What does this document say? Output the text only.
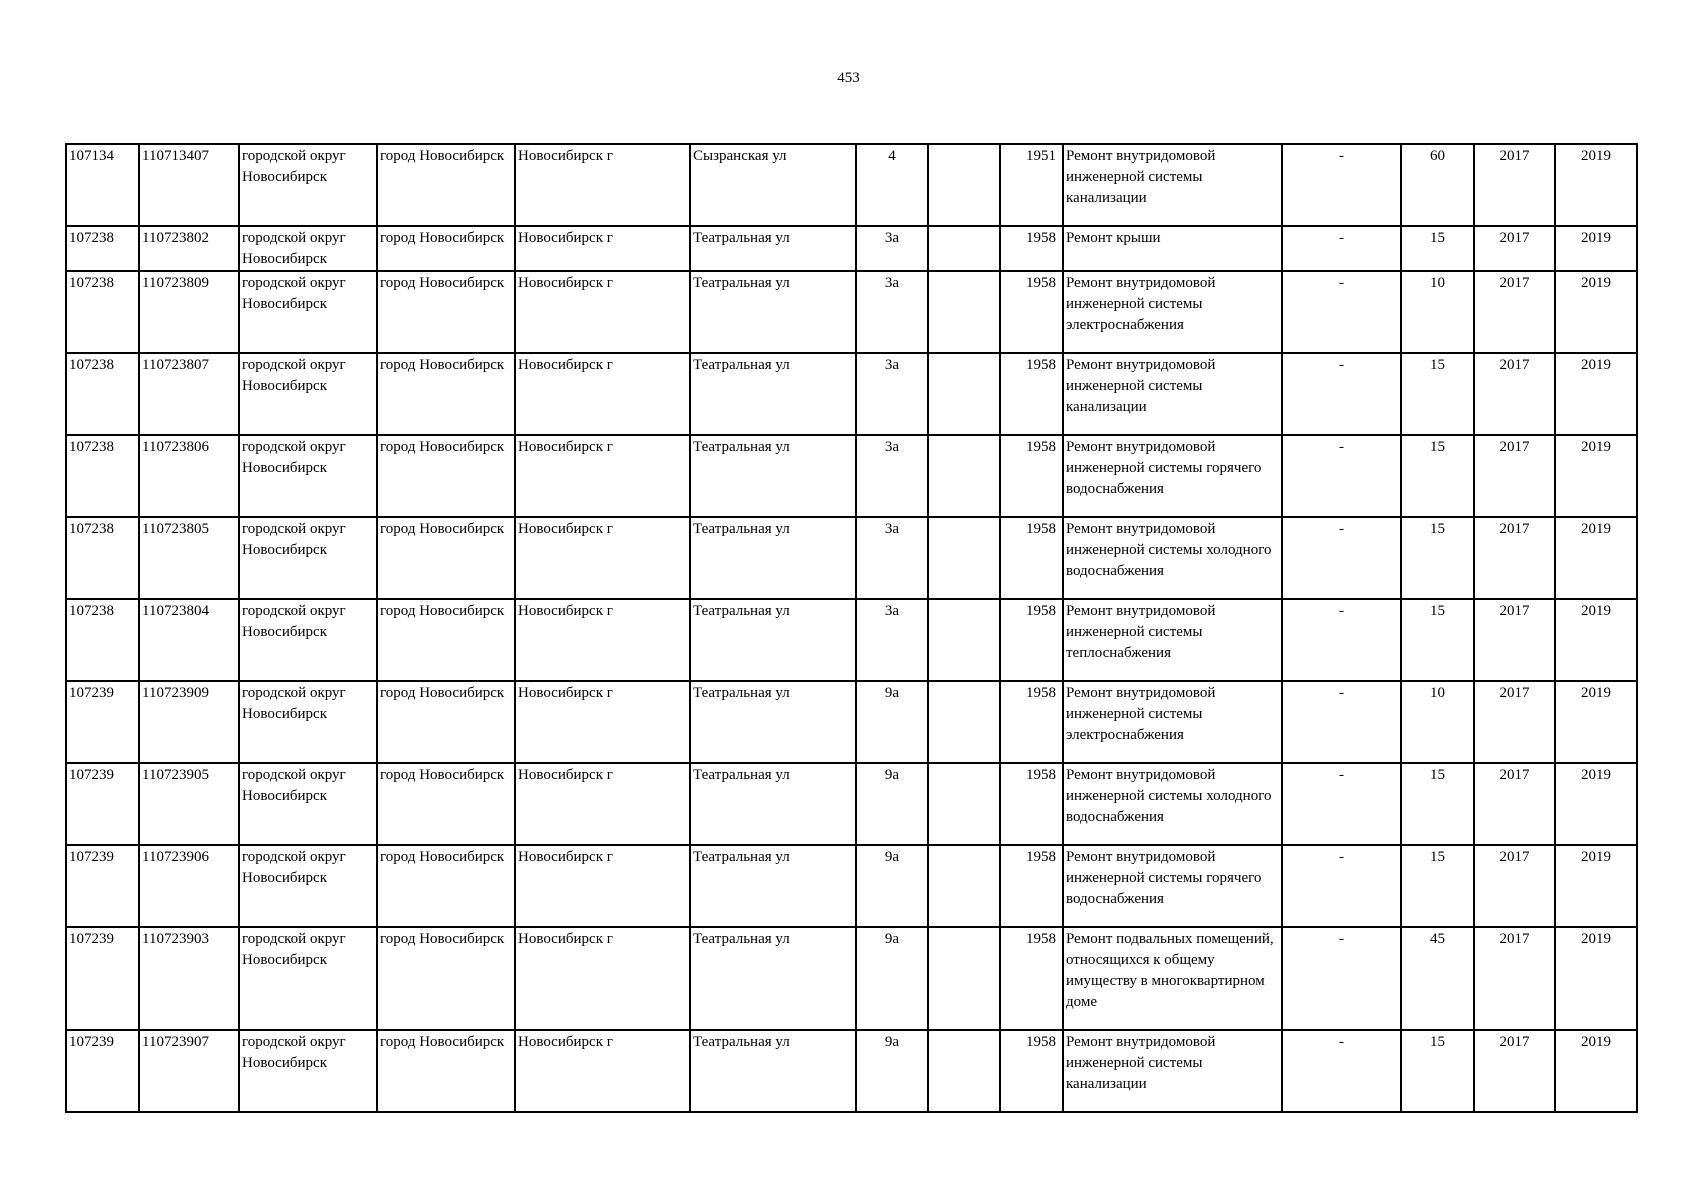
453
107134	110713407	городской округ Новосибирск	город Новосибирск	Новосибирск г	Сызранская ул	4		1951	Ремонт внутридомовой инженерной системы канализации	-	60	2017	2019
107238	110723802	городской округ Новосибирск	город Новосибирск	Новосибирск г	Театральная ул	3а		1958	Ремонт крыши	-	15	2017	2019
107238	110723809	городской округ Новосибирск	город Новосибирск	Новосибирск г	Театральная ул	3а		1958	Ремонт внутридомовой инженерной системы электроснабжения	-	10	2017	2019
107238	110723807	городской округ Новосибирск	город Новосибирск	Новосибирск г	Театральная ул	3а		1958	Ремонт внутридомовой инженерной системы канализации	-	15	2017	2019
107238	110723806	городской округ Новосибирск	город Новосибирск	Новосибирск г	Театральная ул	3а		1958	Ремонт внутридомовой инженерной системы горячего водоснабжения	-	15	2017	2019
107238	110723805	городской округ Новосибирск	город Новосибирск	Новосибирск г	Театральная ул	3а		1958	Ремонт внутридомовой инженерной системы холодного водоснабжения	-	15	2017	2019
107238	110723804	городской округ Новосибирск	город Новосибирск	Новосибирск г	Театральная ул	3а		1958	Ремонт внутридомовой инженерной системы теплоснабжения	-	15	2017	2019
107239	110723909	городской округ Новосибирск	город Новосибирск	Новосибирск г	Театральная ул	9а		1958	Ремонт внутридомовой инженерной системы электроснабжения	-	10	2017	2019
107239	110723905	городской округ Новосибирск	город Новосибирск	Новосибирск г	Театральная ул	9а		1958	Ремонт внутридомовой инженерной системы холодного водоснабжения	-	15	2017	2019
107239	110723906	городской округ Новосибирск	город Новосибирск	Новосибирск г	Театральная ул	9а		1958	Ремонт внутридомовой инженерной системы горячего водоснабжения	-	15	2017	2019
107239	110723903	городской округ Новосибирск	город Новосибирск	Новосибирск г	Театральная ул	9а		1958	Ремонт подвальных помещений, относящихся к общему имуществу в многоквартирном доме	-	45	2017	2019
107239	110723907	городской округ Новосибирск	город Новосибирск	Новосибирск г	Театральная ул	9а		1958	Ремонт внутридомовой инженерной системы канализации	-	15	2017	2019
